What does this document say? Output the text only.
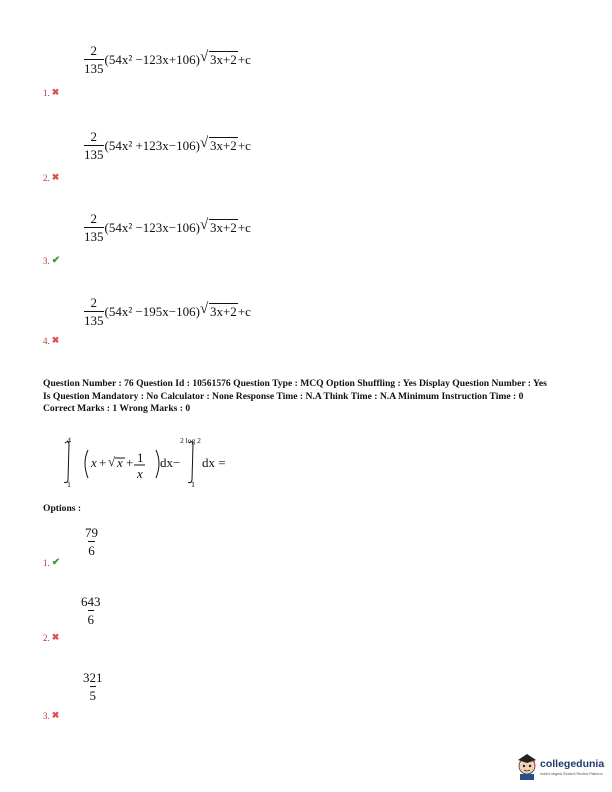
$\frac{2}{135} (54x^2 -123x+106)$ √ 3x+2 +c
1. ✖
$\frac{2}{135} (54x^2 +123x-106)$ √ 3x+2 +c
2. ✖
$\frac{2}{135} (54x^2 -123x-106)$ √ 3x+2 +c
3. ✔
$\frac{2}{135} (54x^2 -195x-106)$ √ 3x+2 +c
4. ✖
Question Number : 76 Question Id : 10561576 Question Type : MCQ Option Shuffling : Yes Display Question Number : Yes
Is Question Mandatory : No Calculator : None Response Time : N.A Think Time : N.A Minimum Instruction Time : 0
Correct Marks : 1 Wrong Marks : 0
4
1
x + √ x + 1
x
dx−
2 log 2
1
dx =
Options :
$\frac{79}{6}$
1. ✔
$\frac{643}{6}$
2. ✖
$\frac{321}{5}$
3. ✖
collegedunia
India's largest Student Review Platform
